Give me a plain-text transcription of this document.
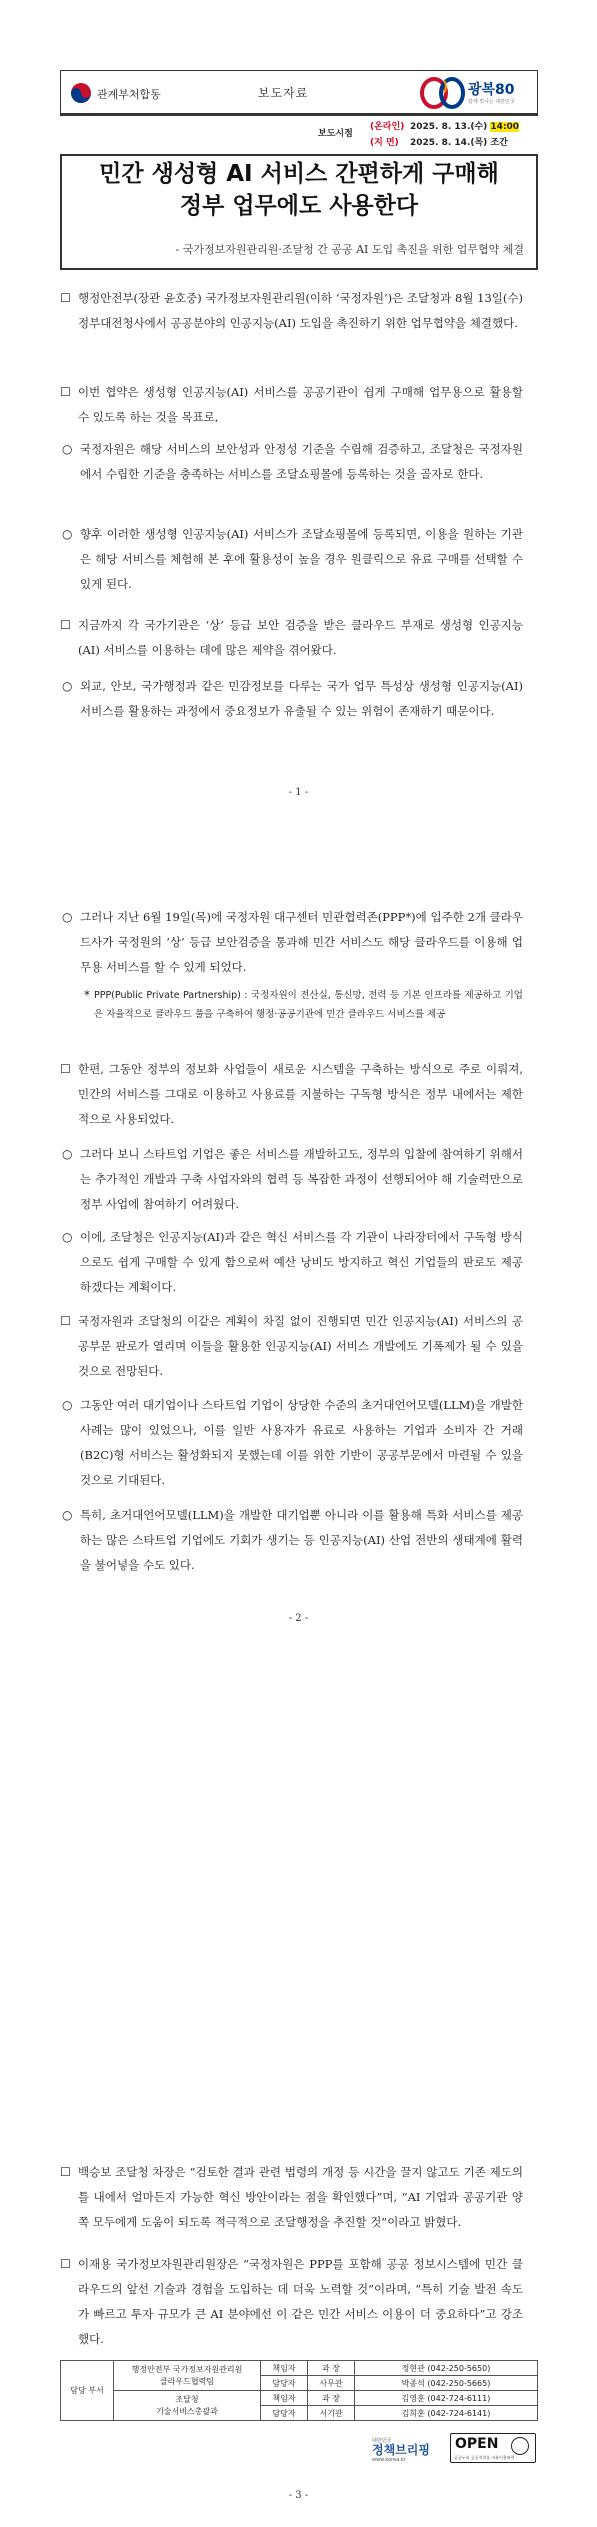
관계부처합동	보도자료	광복80
함께 빛나는 대한민국
보도시점(온라인) 2025. 8. 13.(수) 14:00
(지 면) 2025. 8. 14.(목) 조간
민간 생성형 AI 서비스 간편하게 구매해
정부 업무에도 사용한다
- 국가정보자원관리원·조달청 간 공공 AI 도입 촉진을 위한 업무협약 체결
☐ 행정안전부(장관 윤호중) 국가정보자원관리원(이하 ‘국정자원’)은 조달청과 8월 13일(수) 정부대전청사에서 공공분야의 인공지능(AI) 도입을 촉진하기 위한 업무협약을 체결했다.
☐ 이번 협약은 생성형 인공지능(AI) 서비스를 공공기관이 쉽게 구매해 업무용으로 활용할 수 있도록 하는 것을 목표로,
○ 국정자원은 해당 서비스의 보안성과 안정성 기준을 수립해 검증하고, 조달청은 국정자원에서 수립한 기준을 충족하는 서비스를 조달쇼핑몰에 등록하는 것을 골자로 한다.
○ 향후 이러한 생성형 인공지능(AI) 서비스가 조달쇼핑몰에 등록되면, 이용을 원하는 기관은 해당 서비스를 체험해 본 후에 활용성이 높을 경우 원클릭으로 유료 구매를 선택할 수 있게 된다.
☐ 지금까지 각 국가기관은 ‘상’ 등급 보안 검증을 받은 클라우드 부재로 생성형 인공지능(AI) 서비스를 이용하는 데에 많은 제약을 겪어왔다.
○ 외교, 안보, 국가행정과 같은 민감정보를 다루는 국가 업무 특성상 생성형 인공지능(AI) 서비스를 활용하는 과정에서 중요정보가 유출될 수 있는 위험이 존재하기 때문이다.
- 1 -
○ 그러나 지난 6월 19일(목)에 국정자원 대구센터 민관협력존(PPP*)에 입주한 2개 클라우드사가 국정원의 ‘상’ 등급 보안검증을 통과해 민간 서비스도 해당 클라우드를 이용해 업무용 서비스를 할 수 있게 되었다.
* PPP(Public Private Partnership) : 국정자원이 전산실, 통신망, 전력 등 기본 인프라를 제공하고 기업은 자율적으로 클라우드 풀을 구축하여 행정·공공기관에 민간 클라우드 서비스를 제공
☐ 한편, 그동안 정부의 정보화 사업들이 새로운 시스템을 구축하는 방식으로 주로 이뤄져, 민간의 서비스를 그대로 이용하고 사용료를 지불하는 구독형 방식은 정부 내에서는 제한적으로 사용되었다.
○ 그러다 보니 스타트업 기업은 좋은 서비스를 개발하고도, 정부의 입찰에 참여하기 위해서는 추가적인 개발과 구축 사업자와의 협력 등 복잡한 과정이 선행되어야 해 기술력만으로 정부 사업에 참여하기 어려웠다.
○ 이에, 조달청은 인공지능(AI)과 같은 혁신 서비스를 각 기관이 나라장터에서 구독형 방식으로도 쉽게 구매할 수 있게 함으로써 예산 낭비도 방지하고 혁신 기업들의 판로도 제공하겠다는 계획이다.
☐ 국정자원과 조달청의 이같은 계획이 차질 없이 진행되면 민간 인공지능(AI) 서비스의 공공부문 판로가 열리며 이들을 활용한 인공지능(AI) 서비스 개발에도 기폭제가 될 수 있을 것으로 전망된다.
○ 그동안 여러 대기업이나 스타트업 기업이 상당한 수준의 초거대언어모델(LLM)을 개발한 사례는 많이 있었으나, 이를 일반 사용자가 유료로 사용하는 기업과 소비자 간 거래(B2C)형 서비스는 활성화되지 못했는데 이를 위한 기반이 공공부문에서 마련될 수 있을 것으로 기대된다.
○ 특히, 초거대언어모델(LLM)을 개발한 대기업뿐 아니라 이를 활용해 특화 서비스를 제공하는 많은 스타트업 기업에도 기회가 생기는 등 인공지능(AI) 산업 전반의 생태계에 활력을 불어넣을 수도 있다.
- 2 -
☐ 백승보 조달청 차장은 “검토한 결과 관련 법령의 개정 등 시간을 끌지 않고도 기존 제도의 틀 내에서 얼마든지 가능한 혁신 방안이라는 점을 확인했다”며, “AI 기업과 공공기관 양쪽 모두에게 도움이 되도록 적극적으로 조달행정을 추진할 것”이라고 밝혔다.
☐ 이재용 국가정보자원관리원장은 “국정자원은 PPP를 포함해 공공 정보시스템에 민간 클라우드의 앞선 기술과 경험을 도입하는 데 더욱 노력할 것”이라며, “특히 기술 발전 속도가 빠르고 투자 규모가 큰 AI 분야에선 이 같은 민간 서비스 이용이 더 중요하다”고 강조했다.
담당 부서	행정안전부 국가정보자원관리원
클라우드협력팀	책임자	과 장	정현관 (042-250-5650)
		담당자	사무관	박종석 (042-250-5665)

	조달청
기술서비스총괄과	책임자	과 장	김영훈 (042-724-6111)
		담당자	서기관	김희훈 (042-724-6141)
대한민국
정책브리핑
www.korea.kr
OPEN
공공누리 공공저작물 자유이용허락
- 3 -
